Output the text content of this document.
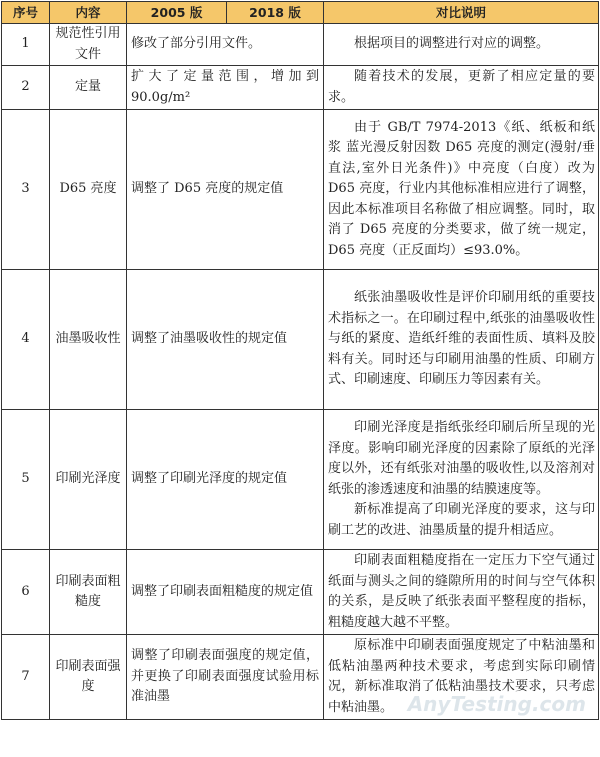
序号	内容	2005 版	2018 版	对比说明
1	规范性引用文件	修改了部分引用文件。		根据项目的调整进行对应的调整。

2	定量	扩大了定量范围，增加到90.0g/m²		随着技术的发展，更新了相应定量的要求。

3	D65 亮度	调整了 D65 亮度的规定值		由于 GB/T 7974-2013《纸、纸板和纸浆 蓝光漫反射因数 D65 亮度的测定(漫射/垂直法,室外日光条件)》中亮度（白度）改为 D65 亮度，行业内其他标准相应进行了调整，因此本标准项目名称做了相应调整。同时，取消了 D65 亮度的分类要求，做了统一规定，D65 亮度（正反面均）≤93.0%。

4	油墨吸收性	调整了油墨吸收性的规定值		纸张油墨吸收性是评价印刷用纸的重要技术指标之一。在印刷过程中,纸张的油墨吸收性与纸的紧度、造纸纤维的表面性质、填料及胶料有关。同时还与印刷用油墨的性质、印刷方式、印刷速度、印刷压力等因素有关。

5	印刷光泽度	调整了印刷光泽度的规定值		印刷光泽度是指纸张经印刷后所呈现的光泽度。影响印刷光泽度的因素除了原纸的光泽度以外，还有纸张对油墨的吸收性,以及溶剂对纸张的渗透速度和油墨的结膜速度等。

新标准提高了印刷光泽度的要求，这与印刷工艺的改进、油墨质量的提升相适应。

6	印刷表面粗糙度	调整了印刷表面粗糙度的规定值		印刷表面粗糙度指在一定压力下空气通过纸面与测头之间的缝隙所用的时间与空气体积的关系，是反映了纸张表面平整程度的指标，粗糙度越大越不平整。

7	印刷表面强度	调整了印刷表面强度的规定值，并更换了印刷表面强度试验用标准油墨		原标准中印刷表面强度规定了中粘油墨和低粘油墨两种技术要求，考虑到实际印刷情况，新标准取消了低粘油墨技术要求，只考虑中粘油墨。 AnyTesting.com
